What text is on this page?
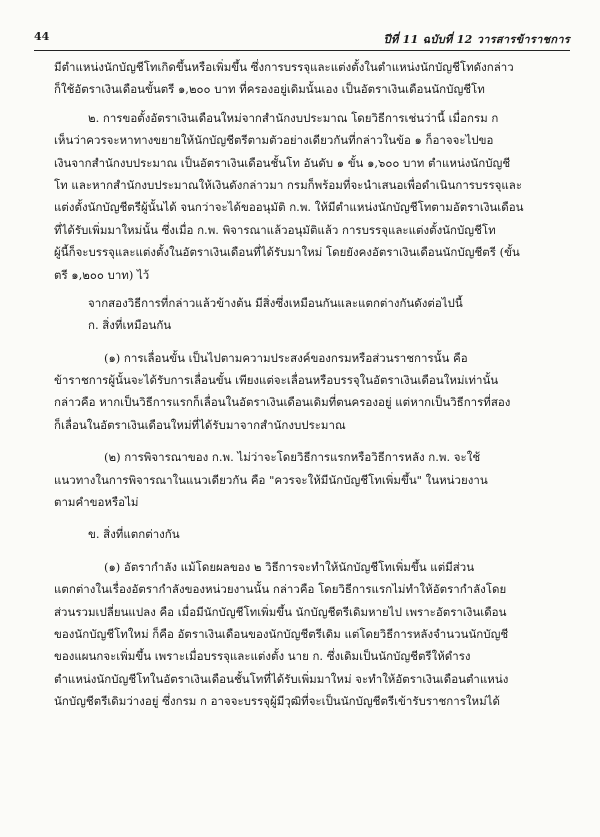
44	ปีที่ 11 ฉบับที่ 12 วารสารข้าราชการ
มีตำแหน่งนักบัญชีโทเกิดขึ้นหรือเพิ่มขึ้น ซึ่งการบรรจุและแต่งตั้งในตำแหน่งนักบัญชีโทดังกล่าว
ก็ใช้อัตราเงินเดือนขั้นตรี ๑,๒๐๐ บาท ที่ครองอยู่เดิมนั้นเอง เป็นอัตราเงินเดือนนักบัญชีโท
๒. การขอตั้งอัตราเงินเดือนใหม่จากสำนักงบประมาณ โดยวิธีการเช่นว่านี้ เมื่อกรม ก
เห็นว่าควรจะหาทางขยายให้นักบัญชีตรีตามตัวอย่างเดียวกันที่กล่าวในข้อ ๑ ก็อาจจะไปขอ
เงินจากสำนักงบประมาณ เป็นอัตราเงินเดือนชั้นโท อันดับ ๑ ขั้น ๑,๖๐๐ บาท ตำแหน่งนักบัญชี
โท และหากสำนักงบประมาณให้เงินดังกล่าวมา กรมก็พร้อมที่จะนำเสนอเพื่อดำเนินการบรรจุและ
แต่งตั้งนักบัญชีตรีผู้นั้นได้ จนกว่าจะได้ขออนุมัติ ก.พ. ให้มีตำแหน่งนักบัญชีโทตามอัตราเงินเดือน
ที่ได้รับเพิ่มมาใหม่นั้น ซึ่งเมื่อ ก.พ. พิจารณาแล้วอนุมัติแล้ว การบรรจุและแต่งตั้งนักบัญชีโท
ผู้นี้ก็จะบรรจุและแต่งตั้งในอัตราเงินเดือนที่ได้รับมาใหม่ โดยยังคงอัตราเงินเดือนนักบัญชีตรี (ขั้น
ตรี ๑,๒๐๐ บาท) ไว้
จากสองวิธีการที่กล่าวแล้วข้างต้น มีสิ่งซึ่งเหมือนกันและแตกต่างกันดังต่อไปนี้
ก. สิ่งที่เหมือนกัน
(๑) การเลื่อนขั้น เป็นไปตามความประสงค์ของกรมหรือส่วนราชการนั้น คือ
ข้าราชการผู้นั้นจะได้รับการเลื่อนขั้น เพียงแต่จะเลื่อนหรือบรรจุในอัตราเงินเดือนใหม่เท่านั้น
กล่าวคือ หากเป็นวิธีการแรกก็เลื่อนในอัตราเงินเดือนเดิมที่ตนครองอยู่ แต่หากเป็นวิธีการที่สอง
ก็เลื่อนในอัตราเงินเดือนใหม่ที่ได้รับมาจากสำนักงบประมาณ
(๒) การพิจารณาของ ก.พ. ไม่ว่าจะโดยวิธีการแรกหรือวิธีการหลัง ก.พ. จะใช้
แนวทางในการพิจารณาในแนวเดียวกัน คือ "ควรจะให้มีนักบัญชีโทเพิ่มขึ้น" ในหน่วยงาน
ตามคำขอหรือไม่
ข. สิ่งที่แตกต่างกัน
(๑) อัตรากำลัง แม้โดยผลของ ๒ วิธีการจะทำให้นักบัญชีโทเพิ่มขึ้น แต่มีส่วน
แตกต่างในเรื่องอัตรากำลังของหน่วยงานนั้น กล่าวคือ โดยวิธีการแรกไม่ทำให้อัตรากำลังโดย
ส่วนรวมเปลี่ยนแปลง คือ เมื่อมีนักบัญชีโทเพิ่มขึ้น นักบัญชีตรีเดิมหายไป เพราะอัตราเงินเดือน
ของนักบัญชีโทใหม่ ก็คือ อัตราเงินเดือนของนักบัญชีตรีเดิม แต่โดยวิธีการหลังจำนวนนักบัญชี
ของแผนกจะเพิ่มขึ้น เพราะเมื่อบรรจุและแต่งตั้ง นาย ก. ซึ่งเดิมเป็นนักบัญชีตรีให้ดำรง
ตำแหน่งนักบัญชีโทในอัตราเงินเดือนชั้นโทที่ได้รับเพิ่มมาใหม่ จะทำให้อัตราเงินเดือนตำแหน่ง
นักบัญชีตรีเดิมว่างอยู่ ซึ่งกรม ก อาจจะบรรจุผู้มีวุฒิที่จะเป็นนักบัญชีตรีเข้ารับราชการใหม่ได้
